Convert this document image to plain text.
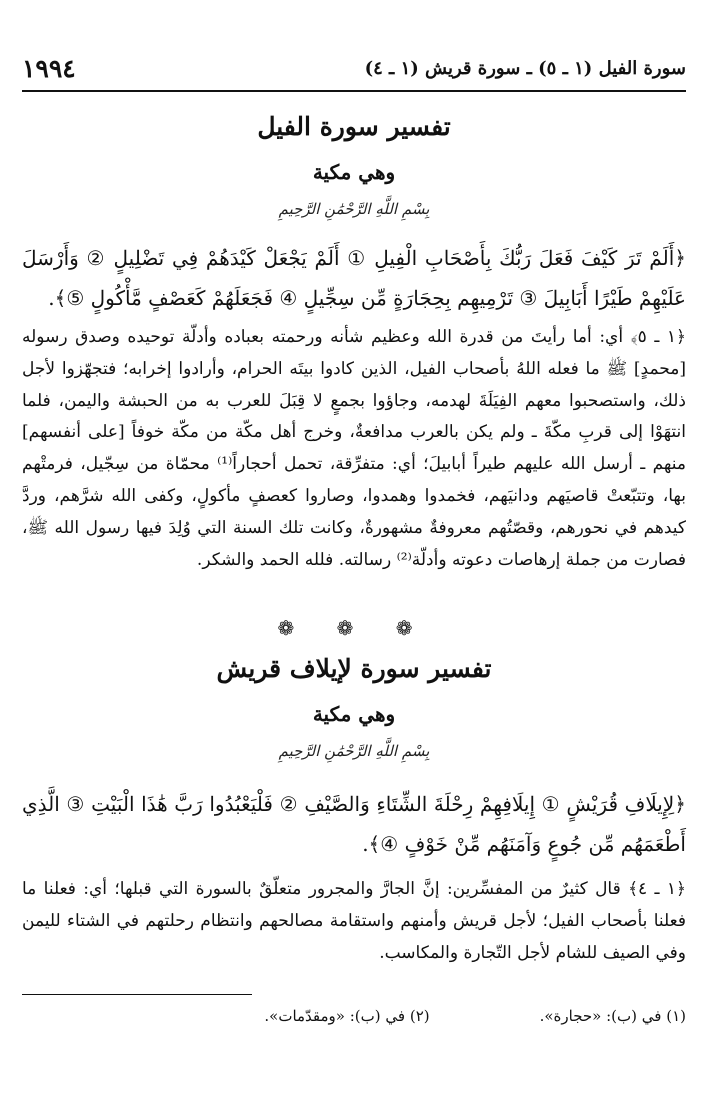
سورة الفيل (١ ـ ٥) ـ سورة قريش (١ ـ ٤)
١٩٩٤
تفسير سورة الفيل
وهي مكية
بِسْمِ اللَّهِ الرَّحْمَٰنِ الرَّحِيمِ
﴿أَلَمْ تَرَ كَيْفَ فَعَلَ رَبُّكَ بِأَصْحَابِ الْفِيلِ ① أَلَمْ يَجْعَلْ كَيْدَهُمْ فِي تَضْلِيلٍ ② وَأَرْسَلَ عَلَيْهِمْ طَيْرًا أَبَابِيلَ ③ تَرْمِيهِم بِحِجَارَةٍ مِّن سِجِّيلٍ ④ فَجَعَلَهُمْ كَعَصْفٍ مَّأْكُولٍ ⑤﴾.
﴿١ ـ ٥﴾ أي: أما رأيتَ من قدرة الله وعظيم شأنه ورحمته بعباده وأدلّة توحيده وصدق رسوله [محمدٍ] ﷺ ما فعله اللهُ بأصحاب الفيل، الذين كادوا بيتَه الحرام، وأرادوا إخرابه؛ فتجهّزوا لأجل ذلك، واستصحبوا معهم الفِيَلَةَ لهدمه، وجاؤوا بجمعٍ لا قِبَلَ للعرب به من الحبشة واليمن، فلما انتهَوْا إلى قربِ مكّةَ ـ ولم يكن بالعرب مدافعةٌ، وخرج أهل مكّة من مكّة خوفاً [على أنفسهم] منهم ـ أرسل الله عليهم طيراً أبابيلَ؛ أي: متفرِّقة، تحمل أحجاراً⁽¹⁾ محمّاة من سِجّيل، فرمتْهم بها، وتتبّعتْ قاصيَهم ودانيَهم، فخمدوا وهمدوا، وصاروا كعصفٍ مأكولٍ، وكفى الله شرَّهم، وردَّ كيدهم في نحورهم، وقصّتُهم معروفةٌ مشهورةٌ، وكانت تلك السنة التي وُلِدَ فيها رسول الله ﷺ، فصارت من جملة إرهاصات دعوته وأدلّة⁽²⁾ رسالته. فلله الحمد والشكر.
❁ ❁ ❁
تفسير سورة لإيلاف قريش
وهي مكية
بِسْمِ اللَّهِ الرَّحْمَٰنِ الرَّحِيمِ
﴿لِإِيلَافِ قُرَيْشٍ ① إِيلَافِهِمْ رِحْلَةَ الشِّتَاءِ وَالصَّيْفِ ② فَلْيَعْبُدُوا رَبَّ هَٰذَا الْبَيْتِ ③ الَّذِي أَطْعَمَهُم مِّن جُوعٍ وَآمَنَهُم مِّنْ خَوْفٍ ④﴾.
﴿١ ـ ٤﴾ قال كثيرٌ من المفسِّرين: إنَّ الجارَّ والمجرور متعلّقٌ بالسورة التي قبلها؛ أي: فعلنا ما فعلنا بأصحاب الفيل؛ لأجل قريش وأمنهم واستقامة مصالحهم وانتظام رحلتهم في الشتاء لليمن وفي الصيف للشام لأجل التّجارة والمكاسب.
(١) في (ب): «حجارة».
(٢) في (ب): «ومقدّمات».
